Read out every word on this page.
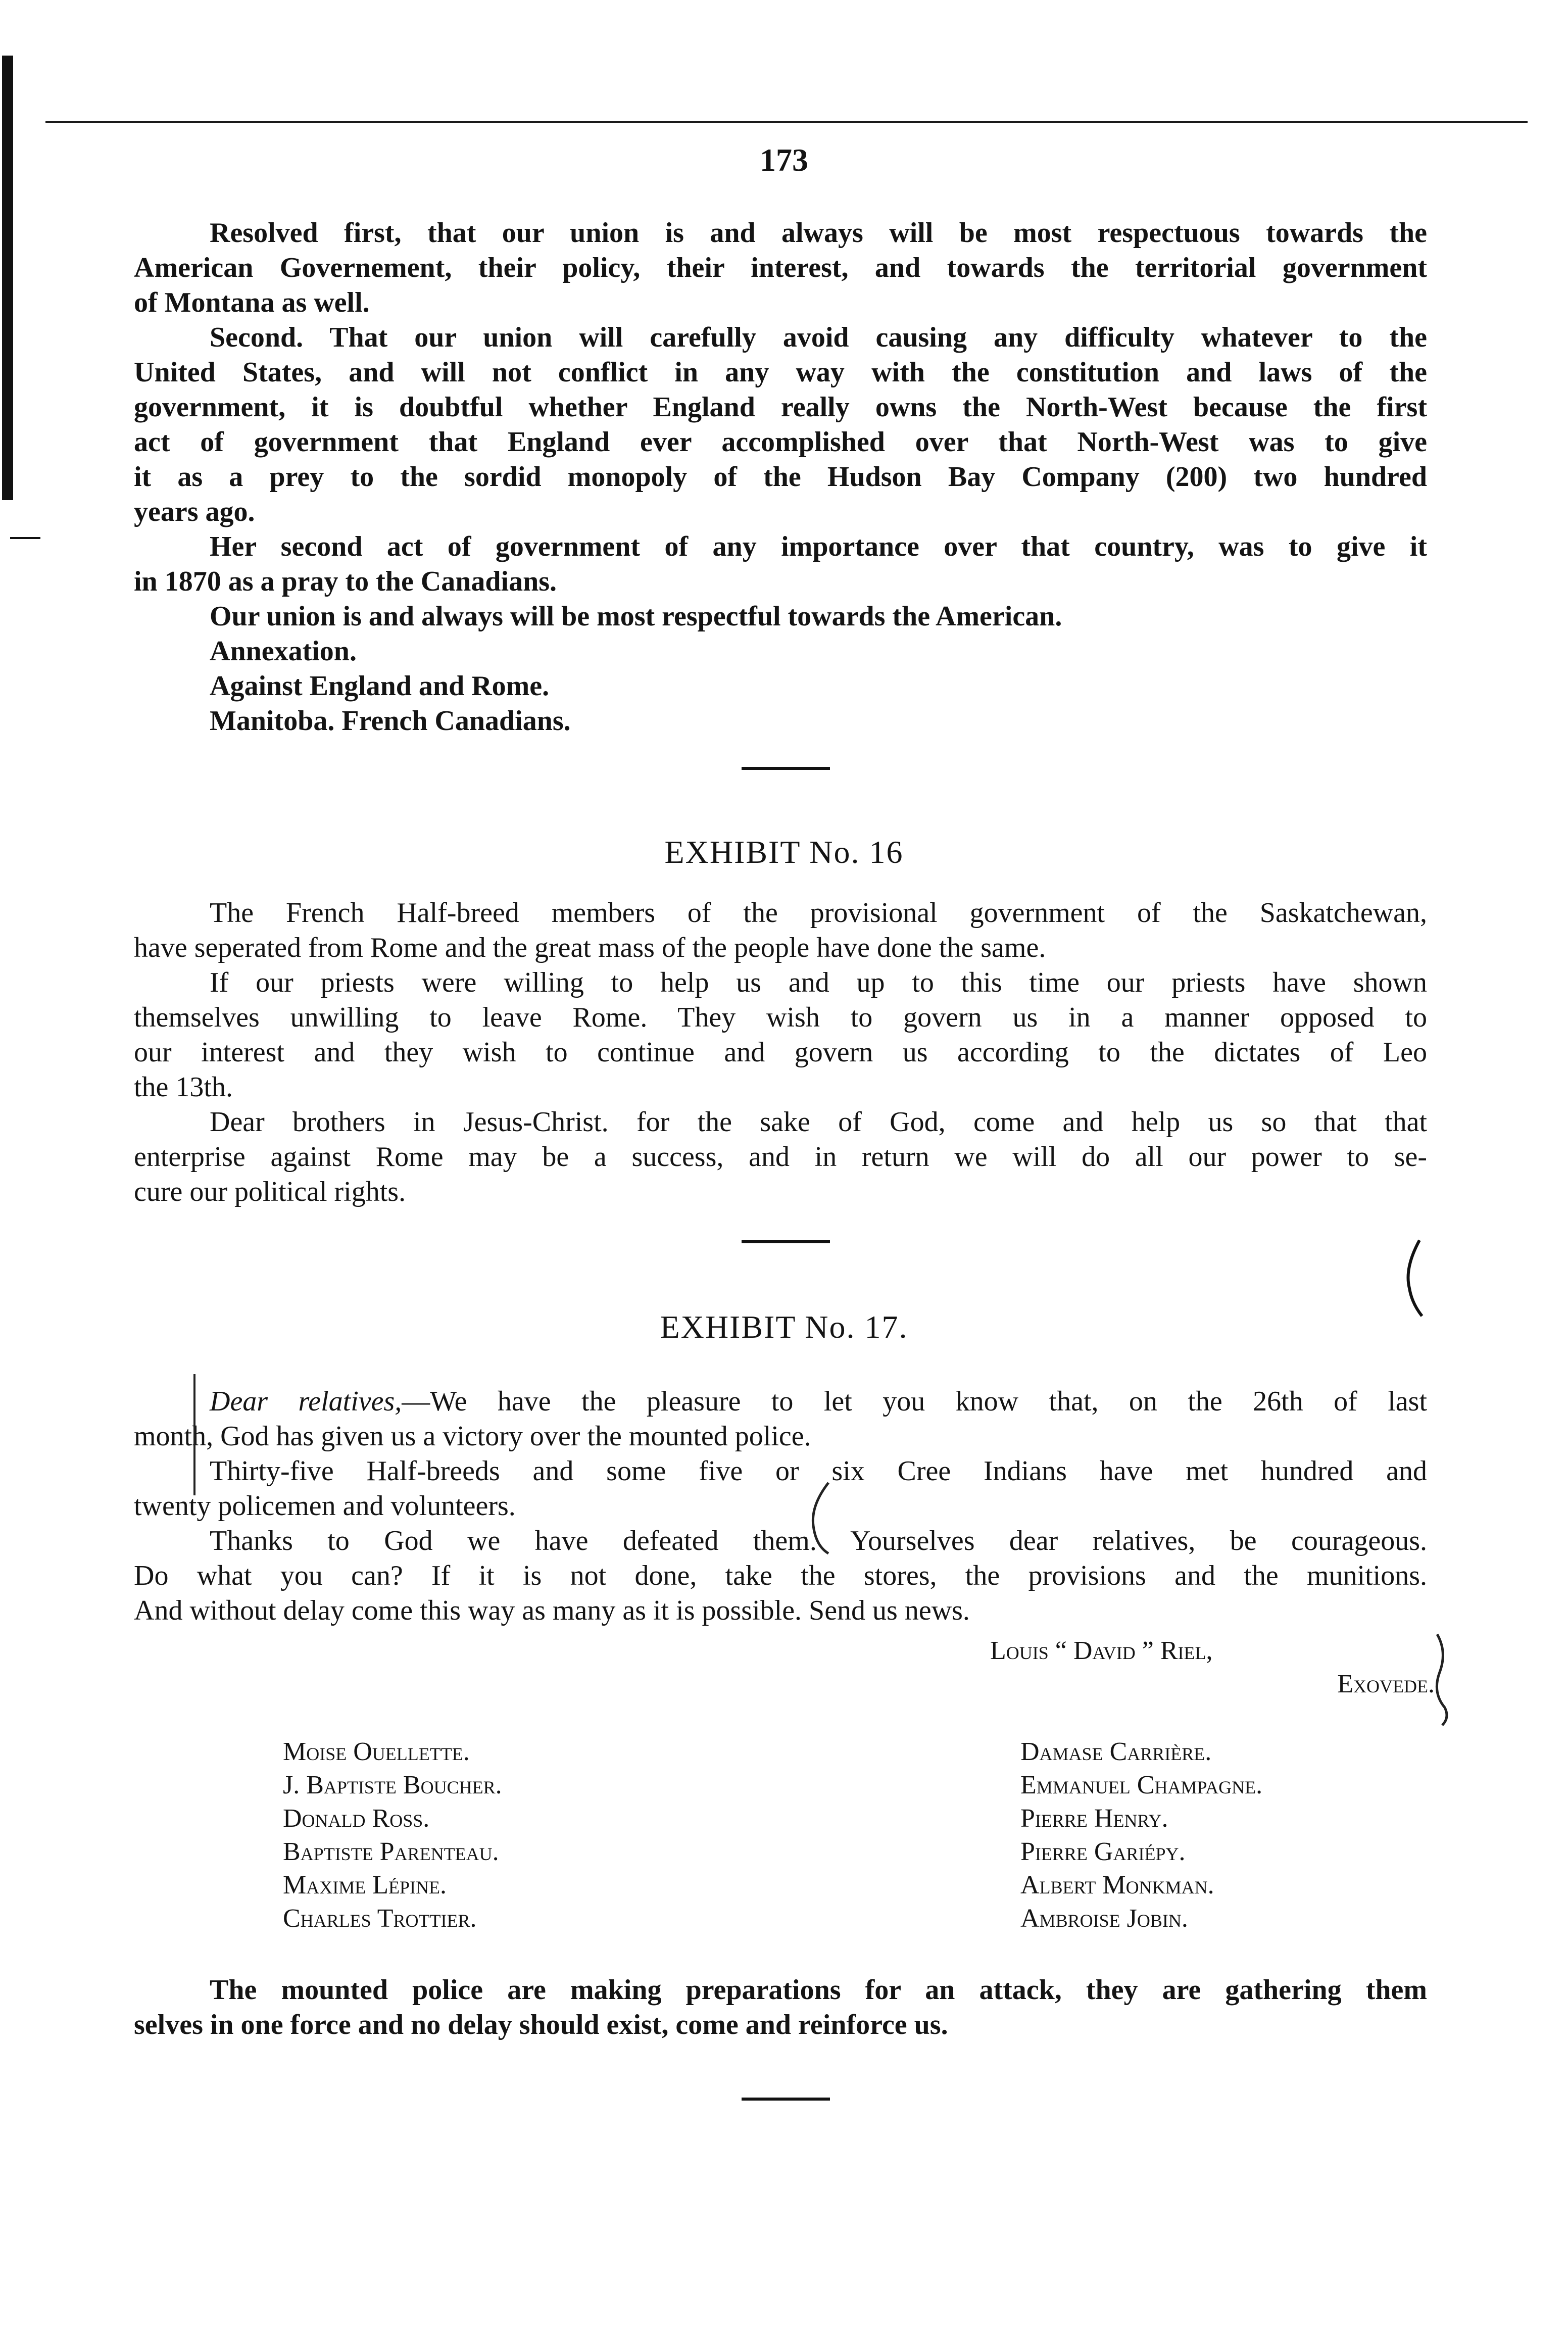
173
Resolved first, that our union is and always will be most respectuous towards the
American Governement, their policy, their interest, and towards the territorial government
of Montana as well.
Second. That our union will carefully avoid causing any difficulty whatever to the
United States, and will not conflict in any way with the constitution and laws of the
government, it is doubtful whether England really owns the North-West because the first
act of government that England ever accomplished over that North-West was to give
it as a prey to the sordid monopoly of the Hudson Bay Company (200) two hundred
years ago.
Her second act of government of any importance over that country, was to give it
in 1870 as a pray to the Canadians.
Our union is and always will be most respectful towards the American.
Annexation.
Against England and Rome.
Manitoba. French Canadians.
EXHIBIT No. 16
The French Half-breed members of the provisional government of the Saskatchewan,
have seperated from Rome and the great mass of the people have done the same.
If our priests were willing to help us and up to this time our priests have shown
themselves unwilling to leave Rome. They wish to govern us in a manner opposed to
our interest and they wish to continue and govern us according to the dictates of Leo
the 13th.
Dear brothers in Jesus-Christ. for the sake of God, come and help us so that that
enterprise against Rome may be a success, and in return we will do all our power to se-
cure our political rights.
EXHIBIT No. 17.
Dear relatives,—We have the pleasure to let you know that, on the 26th of last
month, God has given us a victory over the mounted police.
Thirty-five Half-breeds and some five or six Cree Indians have met hundred and
twenty policemen and volunteers.
Thanks to God we have defeated them. Yourselves dear relatives, be courageous.
Do what you can? If it is not done, take the stores, the provisions and the munitions.
And without delay come this way as many as it is possible. Send us news.
Louis “ David ” Riel,
Exovede.
Moise Ouellette.
J. Baptiste Boucher.
Donald Ross.
Baptiste Parenteau.
Maxime Lépine.
Charles Trottier.
Damase Carrière.
Emmanuel Champagne.
Pierre Henry.
Pierre Gariépy.
Albert Monkman.
Ambroise Jobin.
The mounted police are making preparations for an attack, they are gathering them
selves in one force and no delay should exist, come and reinforce us.
